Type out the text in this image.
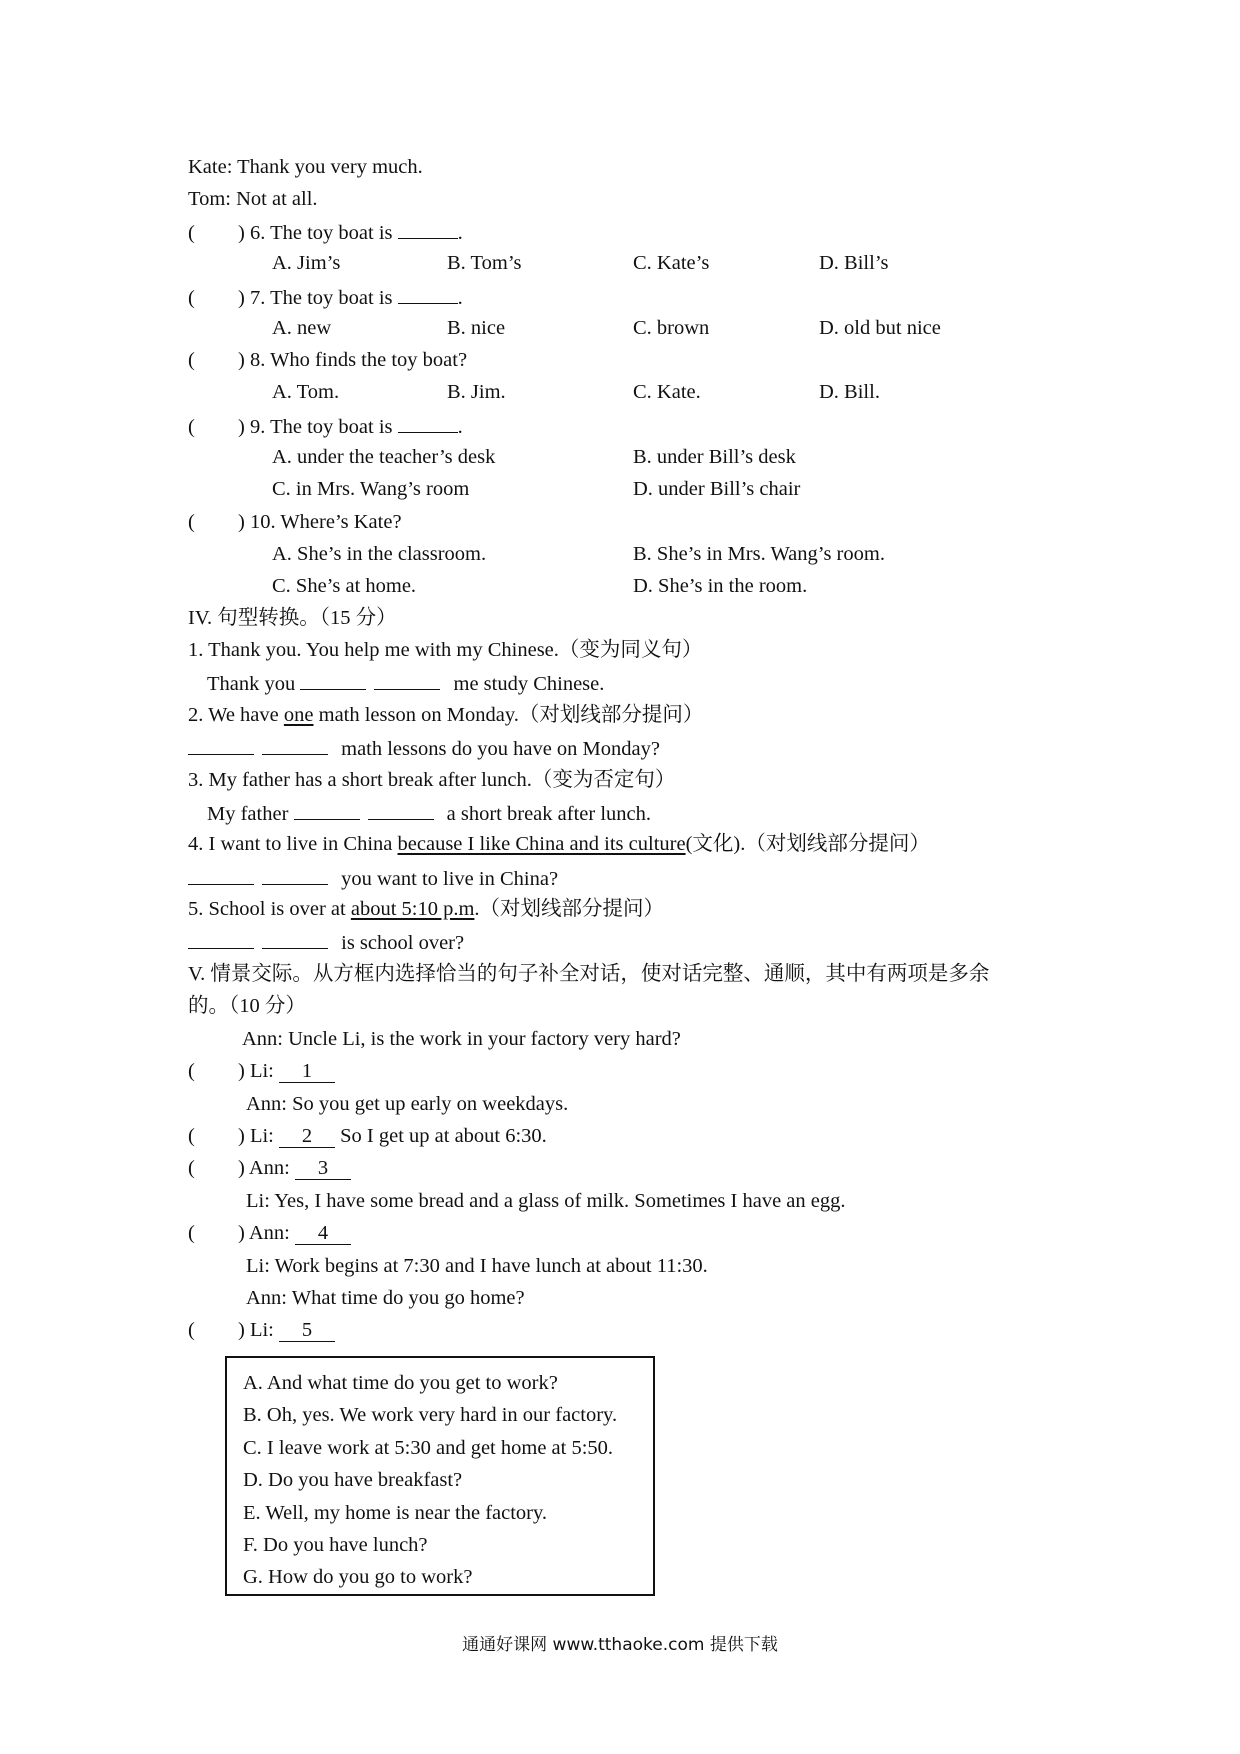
Kate: Thank you very much.
Tom: Not at all.
( ) 6. The toy boat is	.
A. Jim’s	B. Tom’s	C. Kate’s	D. Bill’s
( ) 7. The toy boat is	.
A. new	B. nice	C. brown	D. old but nice
( ) 8. Who finds the toy boat?
A. Tom.	B. Jim.	C. Kate.	D. Bill.
( ) 9. The toy boat is	.
A. under the teacher’s desk	B. under Bill’s desk
C. in Mrs. Wang’s room	D. under Bill’s chair
( ) 10. Where’s Kate?
A. She’s in the classroom.	B. She’s in Mrs. Wang’s room.
C. She’s at home.	D. She’s in the room.
IV. 句型转换。（15 分）
1. Thank you. You help me with my Chinese.（变为同义句）
Thank you	me study Chinese.
2. We have one math lesson on Monday.（对划线部分提问）
math lessons do you have on Monday?
3. My father has a short break after lunch.（变为否定句）
My father	a short break after lunch.
4. I want to live in China because I like China and its culture(文化).（对划线部分提问）
you want to live in China?
5. School is over at about 5:10 p.m.（对划线部分提问）
is school over?
V. 情景交际。从方框内选择恰当的句子补全对话，使对话完整、通顺，其中有两项是多余
的。（10 分）
Ann: Uncle Li, is the work in your factory very hard?
( ) Li: 1
Ann: So you get up early on weekdays.
( ) Li: 2 So I get up at about 6:30.
( ) Ann: 3
Li: Yes, I have some bread and a glass of milk. Sometimes I have an egg.
( ) Ann: 4
Li: Work begins at 7:30 and I have lunch at about 11:30.
Ann: What time do you go home?
( ) Li: 5
A. And what time do you get to work?
B. Oh, yes. We work very hard in our factory.
C. I leave work at 5:30 and get home at 5:50.
D. Do you have breakfast?
E. Well, my home is near the factory.
F. Do you have lunch?
G. How do you go to work?
通通好课网 www.tthaoke.com 提供下载
